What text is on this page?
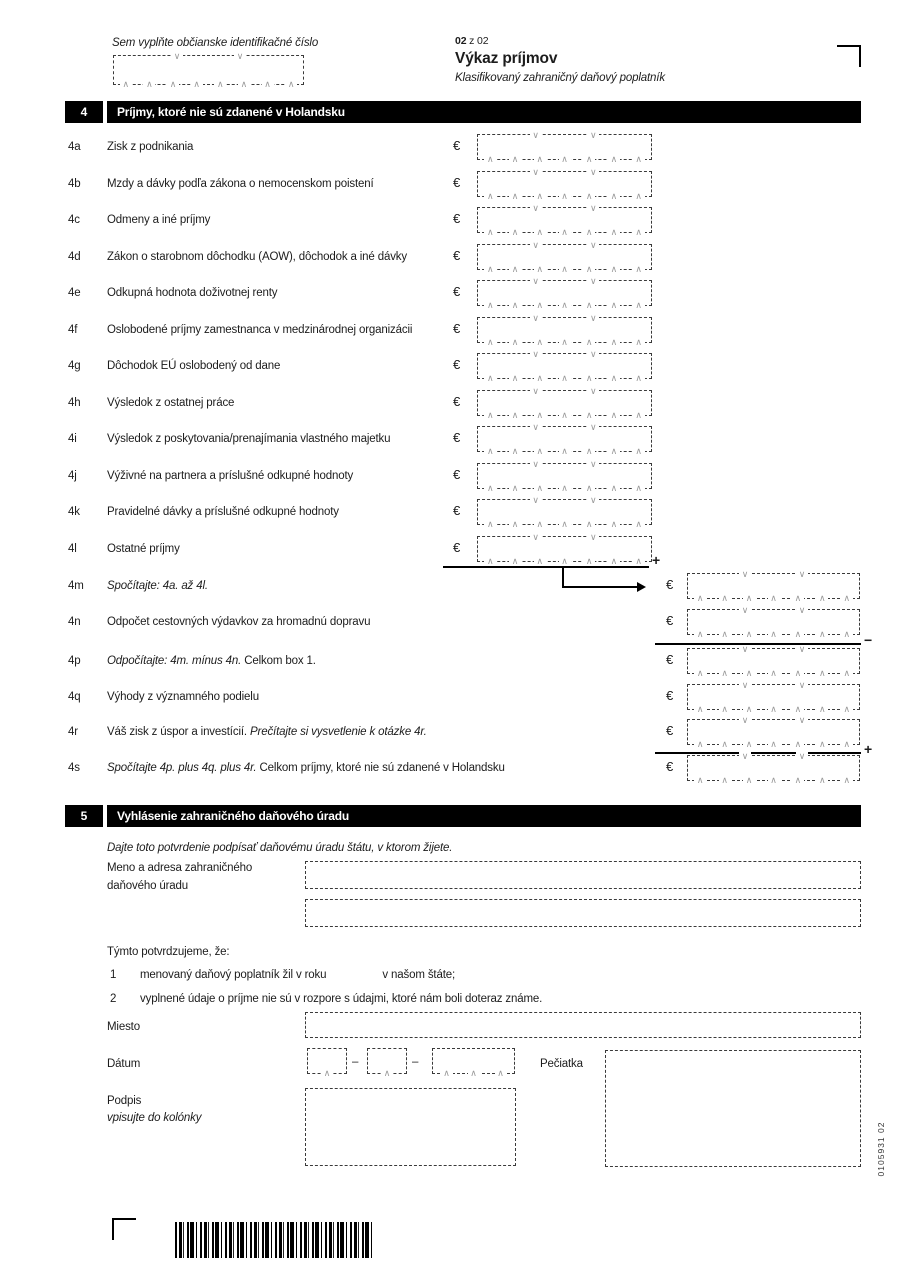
Sem vyplňte občianske identifikačné číslo
∨	∨
∧	∧	∧	∧	∧	∧	∧	∧
02 z 02
Výkaz príjmov
Klasifikovaný zahraničný daňový poplatník
4	Príjmy, ktoré nie sú zdanené v Holandsku
4a Zisk z podnikania	€
∨	∨
∧	∧	∧	∧	∧	∧	∧
4b Mzdy a dávky podľa zákona o nemocenskom poistení	€
∨	∨
∧	∧	∧	∧	∧	∧	∧
4c Odmeny a iné príjmy	€
∨	∨
∧	∧	∧	∧	∧	∧	∧
4d Zákon o starobnom dôchodku (AOW), dôchodok a iné dávky	€
∨	∨
∧	∧	∧	∧	∧	∧	∧
4e Odkupná hodnota doživotnej renty	€
∨	∨
∧	∧	∧	∧	∧	∧	∧
4f	Oslobodené príjmy zamestnanca v medzinárodnej organizácii	€
∨	∨
∧	∧	∧	∧	∧	∧	∧
4g Dôchodok EÚ oslobodený od dane	€
∨	∨
∧	∧	∧	∧	∧	∧	∧
4h Výsledok z ostatnej práce	€
∨	∨
∧	∧	∧	∧	∧	∧	∧
4i	Výsledok z poskytovania/prenajímania vlastného majetku	€
∨	∨
∧	∧	∧	∧	∧	∧	∧
4j	Výživné na partnera a príslušné odkupné hodnoty	€
∨	∨
∧	∧	∧	∧	∧	∧	∧
4k Pravidelné dávky a príslušné odkupné hodnoty	€
∨	∨
∧	∧	∧	∧	∧	∧	∧
4l	Ostatné príjmy	€
∨	∨
∧	∧	∧	∧	∧	∧	∧ +
4m Spočítajte: 4a. až 4l.	€
∨	∨
∧	∧	∧	∧	∧	∧	∧
4n Odpočet cestovných výdavkov za hromadnú dopravu	€
∨	∨
∧	∧	∧	∧	∧	∧	∧ −
4p Odpočítajte: 4m. mínus 4n. Celkom box 1.	€
∨	∨
∧	∧	∧	∧	∧	∧	∧
4q Výhody z významného podielu	€
∨	∨
∧	∧	∧	∧	∧	∧	∧
4r	Váš zisk z úspor a investícií. Prečítajte si vysvetlenie k otázke 4r.	€
∨	∨
∧	∧	∧	∧	∧	∧	∧ +
4s Spočítajte 4p. plus 4q. plus 4r. Celkom príjmy, ktoré nie sú zdanené v Holandsku	€
∨	∨
∧	∧	∧	∧	∧	∧	∧
5	Vyhlásenie zahraničného daňového úradu
Dajte toto potvrdenie podpísať daňovému úradu štátu, v ktorom žijete.
Meno a adresa zahraničného
daňového úradu
Týmto potvrdzujeme, že:
1 menovaný daňový poplatník žil v roku	v našom štáte;
2 vyplnené údaje o príjme nie sú v rozpore s údajmi, ktoré nám boli doteraz známe.
Miesto
Dátum
∧
–
∧
–
∧	∧	∧
Pečiatka
Podpis
vpisujte do kolónky
0105931 02
